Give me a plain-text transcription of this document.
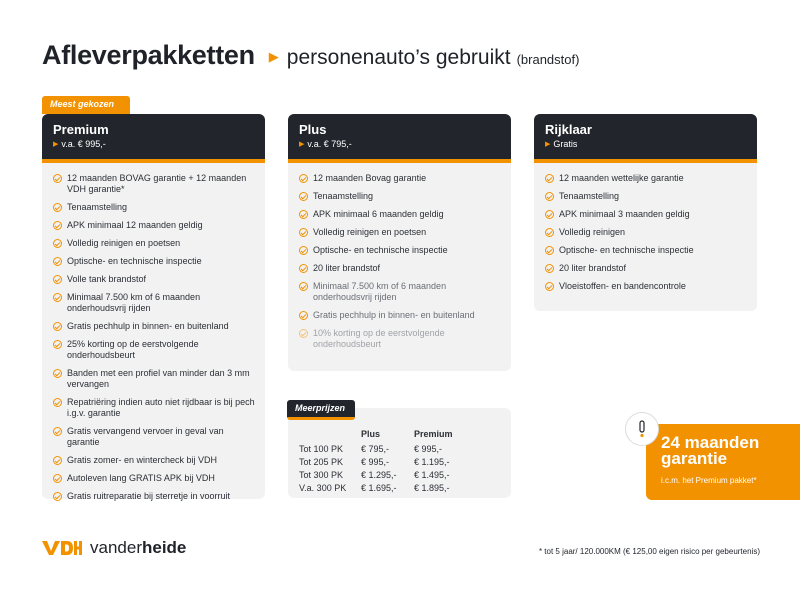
Afleverpakketten ▶ personenauto’s gebruikt (brandstof)
Meest gekozen
Premium
▶ v.a. € 995,-
12 maanden BOVAG garantie + 12 maanden VDH garantie*
Tenaamstelling
APK minimaal 12 maanden geldig
Volledig reinigen en poetsen
Optische- en technische inspectie
Volle tank brandstof
Minimaal 7.500 km of 6 maanden onderhoudsvrij rijden
Gratis pechhulp in binnen- en buitenland
25% korting op de eerstvolgende onderhoudsbeurt
Banden met een profiel van minder dan 3 mm vervangen
Repatriëring indien auto niet rijdbaar is bij pech i.g.v. garantie
Gratis vervangend vervoer in geval van garantie
Gratis zomer- en wintercheck bij VDH
Autoleven lang GRATIS APK bij VDH
Gratis ruitreparatie bij sterretje in voorruit
Plus
▶ v.a. € 795,-
12 maanden Bovag garantie
Tenaamstelling
APK minimaal 6 maanden geldig
Volledig reinigen en poetsen
Optische- en technische inspectie
20 liter brandstof
Minimaal 7.500 km of 6 maanden onderhoudsvrij rijden
Gratis pechhulp in binnen- en buitenland
10% korting op de eerstvolgende onderhoudsbeurt
Rijklaar
▶ Gratis
12 maanden wettelijke garantie
Tenaamstelling
APK minimaal 3 maanden geldig
Volledig reinigen
Optische- en technische inspectie
20 liter brandstof
Vloeistoffen- en bandencontrole
Meerprijzen
	Plus	Premium
Tot 100 PK	€ 795,-	€ 995,-
Tot 205 PK	€ 995,-	€ 1.195,-
Tot 300 PK	€ 1.295,-	€ 1.495,-
V.a. 300 PK	€ 1.695,-	€ 1.895,-
24 maanden garantie
i.c.m. het Premium pakket*
vanderheide	* tot 5 jaar/ 120.000KM (€ 125,00 eigen risico per gebeurtenis)
